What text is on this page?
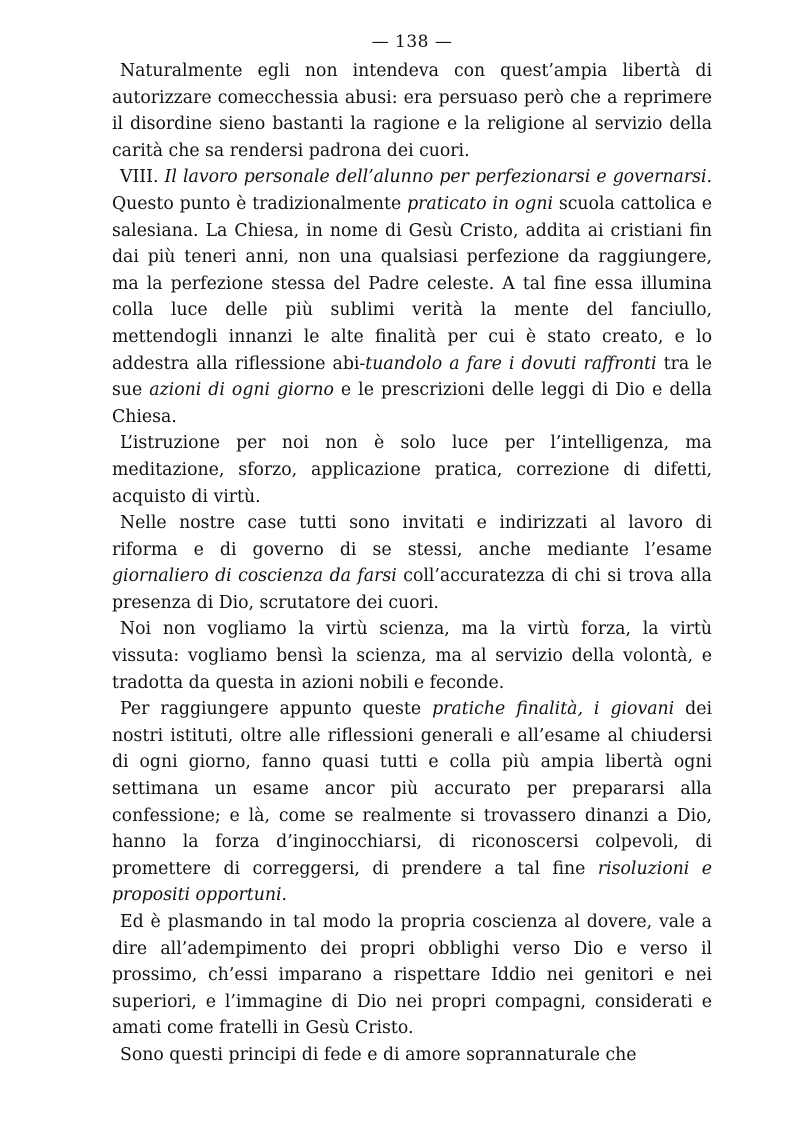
— 138 —

Naturalmente egli non intendeva con quest’ampia libertà di autorizzare comecchessia abusi: era persuaso però che a reprimere il disordine sieno bastanti la ragione e la religione al servizio della carità che sa rendersi padrona dei cuori.

VIII. Il lavoro personale dell’alunno per perfezionarsi e governarsi. Questo punto è tradizionalmente praticato in ogni scuola cattolica e salesiana. La Chiesa, in nome di Gesù Cristo, addita ai cristiani fin dai più teneri anni, non una qualsiasi perfezione da raggiungere, ma la perfezione stessa del Padre celeste. A tal fine essa illumina colla luce delle più sublimi verità la mente del fanciullo, mettendogli innanzi le alte finalità per cui è stato creato, e lo addestra alla riflessione abi-tuandolo a fare i dovuti raffronti tra le sue azioni di ogni giorno e le prescrizioni delle leggi di Dio e della Chiesa.

L’istruzione per noi non è solo luce per l’intelligenza, ma meditazione, sforzo, applicazione pratica, correzione di difetti, acquisto di virtù.

Nelle nostre case tutti sono invitati e indirizzati al lavoro di riforma e di governo di se stessi, anche mediante l’esame giornaliero di coscienza da farsi coll’accuratezza di chi si trova alla presenza di Dio, scrutatore dei cuori.

Noi non vogliamo la virtù scienza, ma la virtù forza, la virtù vissuta: vogliamo bensì la scienza, ma al servizio della volontà, e tradotta da questa in azioni nobili e feconde.

Per raggiungere appunto queste pratiche finalità, i giovani dei nostri istituti, oltre alle riflessioni generali e all’esame al chiudersi di ogni giorno, fanno quasi tutti e colla più ampia libertà ogni settimana un esame ancor più accurato per prepararsi alla confessione; e là, come se realmente si trovassero dinanzi a Dio, hanno la forza d’inginocchiarsi, di riconoscersi colpevoli, di promettere di correggersi, di prendere a tal fine risoluzioni e propositi opportuni.

Ed è plasmando in tal modo la propria coscienza al dovere, vale a dire all’adempimento dei propri obblighi verso Dio e verso il prossimo, ch’essi imparano a rispettare Iddio nei genitori e nei superiori, e l’immagine di Dio nei propri compagni, considerati e amati come fratelli in Gesù Cristo.

Sono questi principi di fede e di amore soprannaturale che
